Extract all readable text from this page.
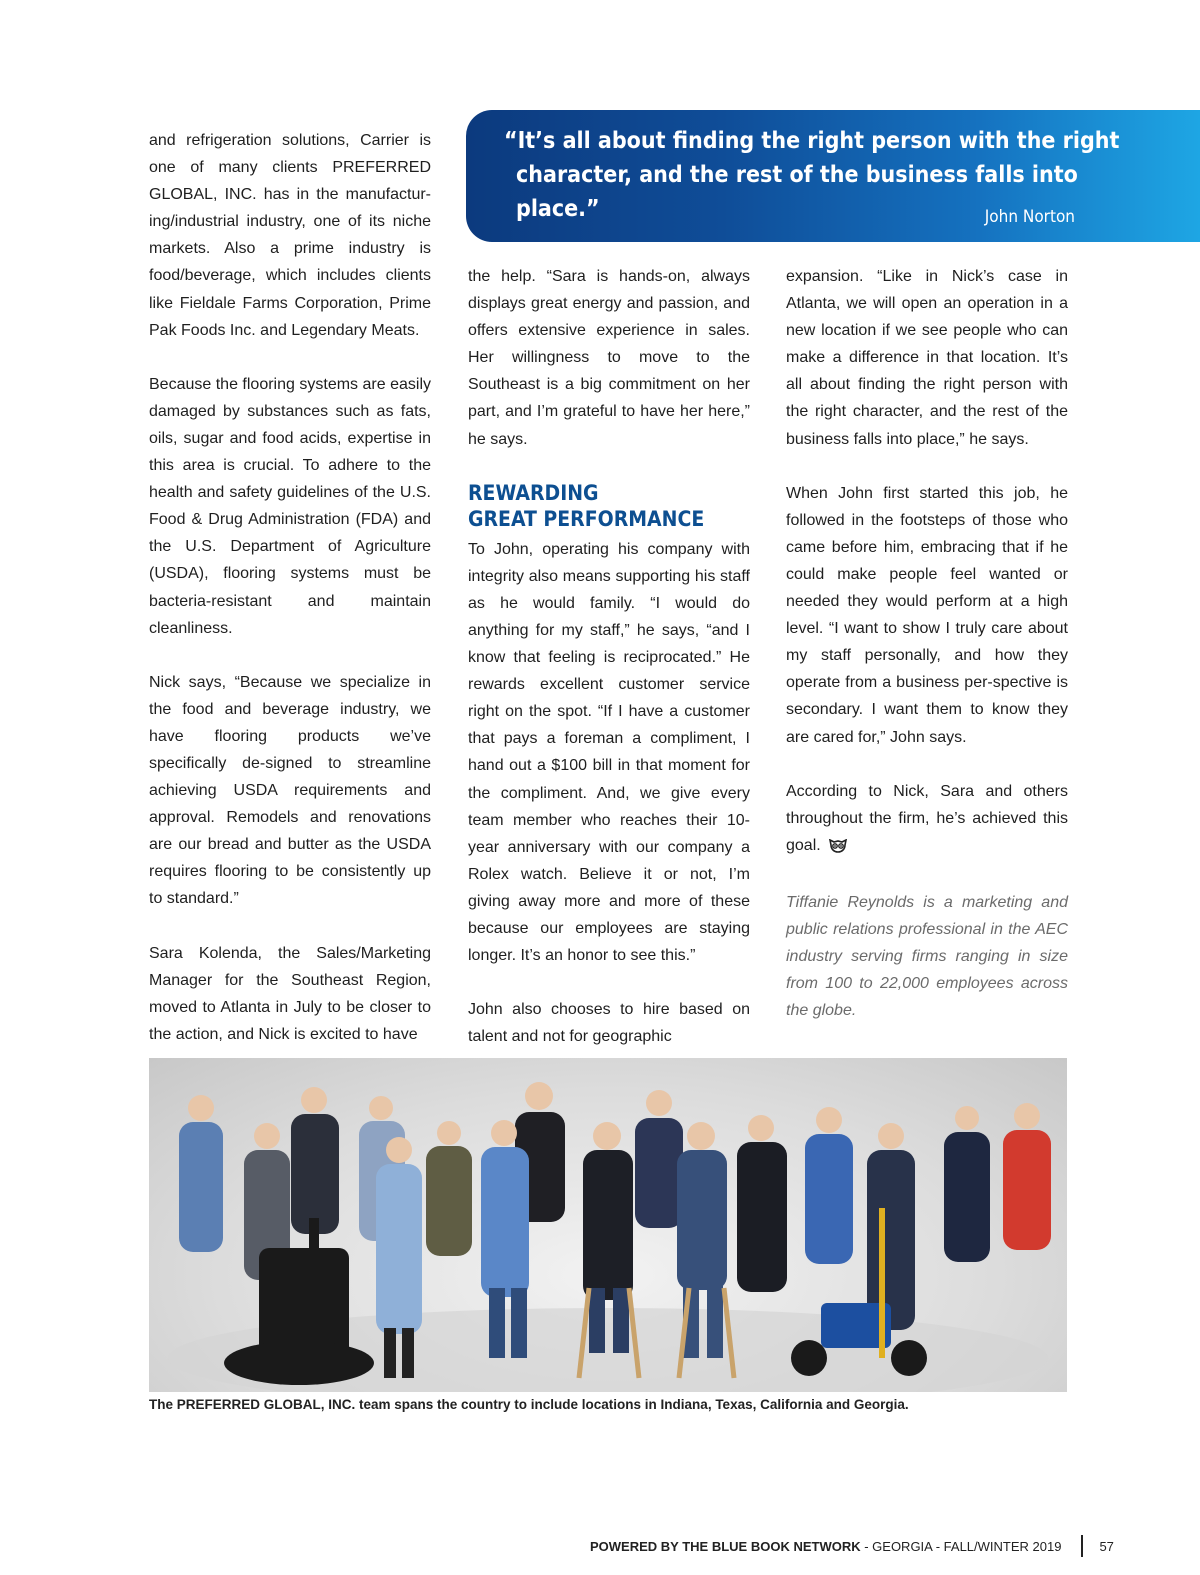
“It’s all about finding the right person with the right
character, and the rest of the business falls into place.”	John Norton

and refrigeration solutions, Carrier is one of many clients PREFERRED GLOBAL, INC. has in the manufactur-ing/industrial industry, one of its niche markets. Also a prime industry is food/beverage, which includes clients like Fieldale Farms Corporation, Prime Pak Foods Inc. and Legendary Meats.

Because the flooring systems are easily damaged by substances such as fats, oils, sugar and food acids, expertise in this area is crucial. To adhere to the health and safety guidelines of the U.S. Food & Drug Administration (FDA) and the U.S. Department of Agriculture (USDA), flooring systems must be bacteria-resistant and maintain cleanliness.

Nick says, “Because we specialize in the food and beverage industry, we have flooring products we’ve specifically de-signed to streamline achieving USDA requirements and approval. Remodels and renovations are our bread and butter as the USDA requires flooring to be consistently up to standard.”

Sara Kolenda, the Sales/Marketing Manager for the Southeast Region, moved to Atlanta in July to be closer to the action, and Nick is excited to have

the help. “Sara is hands-on, always displays great energy and passion, and offers extensive experience in sales. Her willingness to move to the Southeast is a big commitment on her part, and I’m grateful to have her here,” he says.

REWARDING
GREAT PERFORMANCE

To John, operating his company with integrity also means supporting his staff as he would family. “I would do anything for my staff,” he says, “and I know that feeling is reciprocated.” He rewards excellent customer service right on the spot. “If I have a customer that pays a foreman a compliment, I hand out a $100 bill in that moment for the compliment. And, we give every team member who reaches their 10-year anniversary with our company a Rolex watch. Believe it or not, I’m giving away more and more of these because our employees are staying longer. It’s an honor to see this.”

John also chooses to hire based on talent and not for geographic

expansion. “Like in Nick’s case in Atlanta, we will open an operation in a new location if we see people who can make a difference in that location. It’s all about finding the right person with the right character, and the rest of the business falls into place,” he says.

When John first started this job, he followed in the footsteps of those who came before him, embracing that if he could make people feel wanted or needed they would perform at a high level. “I want to show I truly care about my staff personally, and how they operate from a business per-spective is secondary. I want them to know they are cared for,” John says.

According to Nick, Sara and others throughout the firm, he’s achieved this goal.

Tiffanie Reynolds is a marketing and public relations professional in the AEC industry serving firms ranging in size from 100 to 22,000 employees across the globe.

The PREFERRED GLOBAL, INC. team spans the country to include locations in Indiana, Texas, California and Georgia.
POWERED BY THE BLUE BOOK NETWORK - GEORGIA - FALL/WINTER 2019	57
